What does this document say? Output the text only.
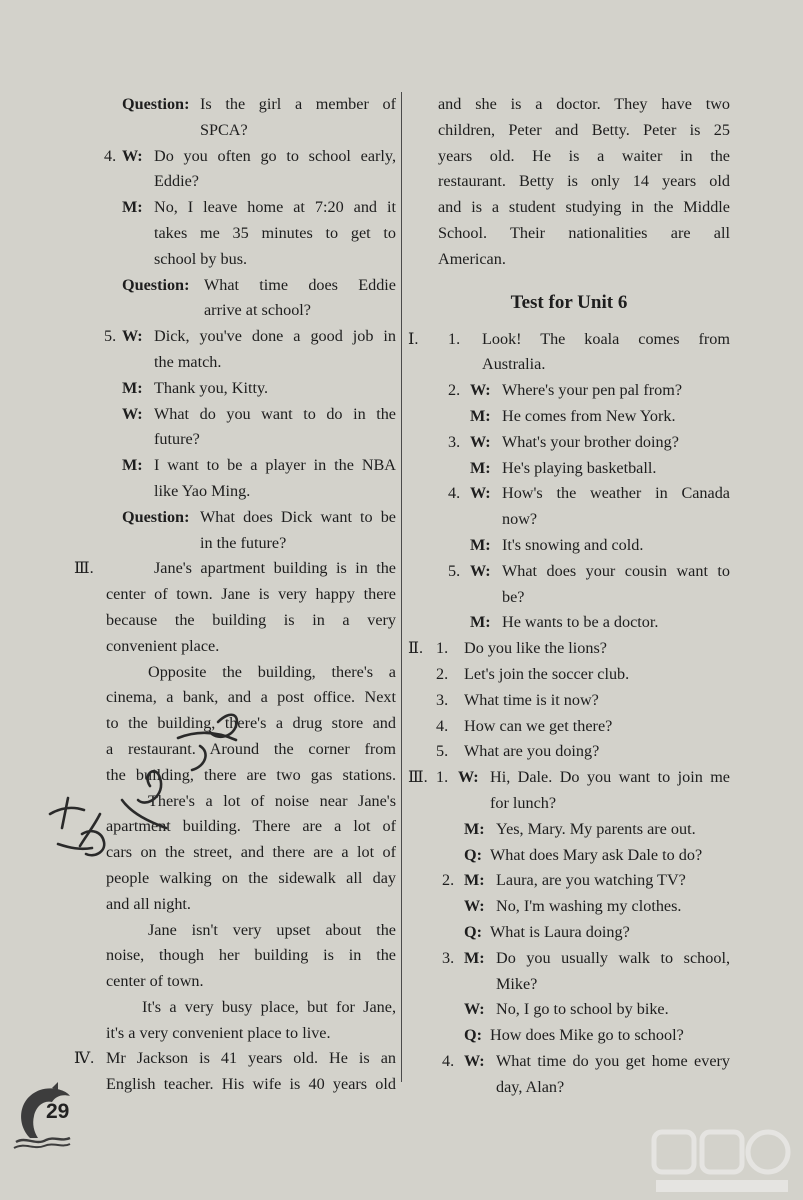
Question: Is the girl a member of
SPCA?
4. W: Do you often go to school early,
Eddie?
M: No, I leave home at 7:20 and it
takes me 35 minutes to get to
school by bus.
Question: What time does Eddie
arrive at school?
5. W: Dick, you've done a good job in
the match.
M: Thank you, Kitty.
W: What do you want to do in the
future?
M: I want to be a player in the NBA
like Yao Ming.
Question: What does Dick want to be
in the future?
Ⅲ.	Jane's apartment building is in the
center of town. Jane is very happy there
because the building is in a very
convenient place.
Opposite the building, there's a
cinema, a bank, and a post office. Next
to the building, there's a drug store and
a restaurant. Around the corner from
the building, there are two gas stations.
There's a lot of noise near Jane's
apartment building. There are a lot of
cars on the street, and there are a lot of
people walking on the sidewalk all day
and all night.
Jane isn't very upset about the
noise, though her building is in the
center of town.
It's a very busy place, but for Jane,
it's a very convenient place to live.
Ⅳ. Mr Jackson is 41 years old. He is an
English teacher. His wife is 40 years old
and she is a doctor. They have two
children, Peter and Betty. Peter is 25
years old. He is a waiter in the
restaurant. Betty is only 14 years old
and is a student studying in the Middle
School. Their nationalities are all
American.
Test for Unit 6
Ⅰ. 1. Look! The koala comes from
Australia.
2. W: Where's your pen pal from?
M: He comes from New York.
3. W: What's your brother doing?
M: He's playing basketball.
4. W: How's the weather in Canada
now?
M: It's snowing and cold.
5. W: What does your cousin want to
be?
M: He wants to be a doctor.
Ⅱ. 1. Do you like the lions?
2. Let's join the soccer club.
3. What time is it now?
4. How can we get there?
5. What are you doing?
Ⅲ. 1. W: Hi, Dale. Do you want to join me
for lunch?
M: Yes, Mary. My parents are out.
Q: What does Mary ask Dale to do?
2. M: Laura, are you watching TV?
W: No, I'm washing my clothes.
Q: What is Laura doing?
3. M: Do you usually walk to school,
Mike?
W: No, I go to school by bike.
Q: How does Mike go to school?
4. W: What time do you get home every
day, Alan?
29
